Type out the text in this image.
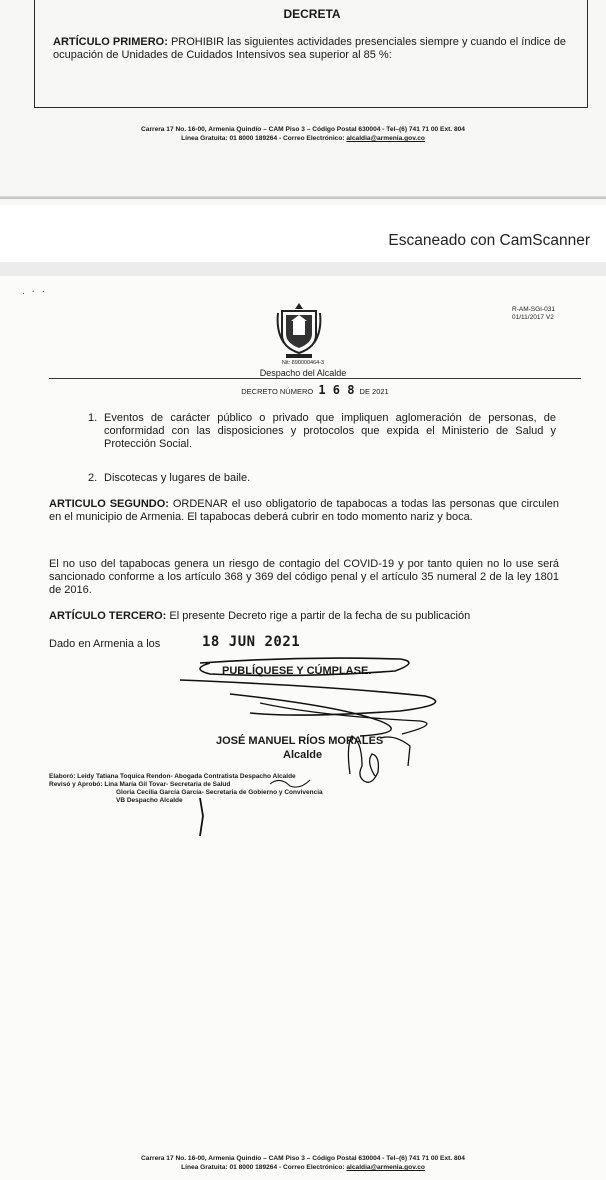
DECRETA
ARTÍCULO PRIMERO: PROHIBIR las siguientes actividades presenciales siempre y cuando el índice de ocupación de Unidades de Cuidados Intensivos sea superior al 85 %:
Carrera 17 No. 16-00, Armenia Quindío – CAM Piso 3 – Código Postal 630004 - Tel–(6) 741 71 00 Ext. 804
Línea Gratuita: 01 8000 189264 - Correo Electrónico: alcaldia@armenia.gov.co
Escaneado con CamScanner
. · ·
R-AM-SGI-031
01/11/2017 V2
Nit: 890000464-3
Despacho del Alcalde
DECRETO NÚMERO 1 6 8 DE 2021
1. Eventos de carácter público o privado que impliquen aglomeración de personas, de conformidad con las disposiciones y protocolos que expida el Ministerio de Salud y Protección Social.
2. Discotecas y lugares de baile.
ARTICULO SEGUNDO: ORDENAR el uso obligatorio de tapabocas a todas las personas que circulen en el municipio de Armenia. El tapabocas deberá cubrir en todo momento nariz y boca.
El no uso del tapabocas genera un riesgo de contagio del COVID-19 y por tanto quien no lo use será sancionado conforme a los artículo 368 y 369 del código penal y el artículo 35 numeral 2 de la ley 1801 de 2016.
ARTÍCULO TERCERO: El presente Decreto rige a partir de la fecha de su publicación
Dado en Armenia a los	18 JUN 2021
PUBLÍQUESE Y CÚMPLASE.
JOSÉ MANUEL RÍOS MORALES
Alcalde
Elaboró: Leidy Tatiana Toquica Rendon- Abogada Contratista Despacho Alcalde
Revisó y Aprobó: Lina María Gil Tovar- Secretaria de Salud
Gloria Cecilia García García- Secretaria de Gobierno y Convivencia
VB Despacho Alcalde
Carrera 17 No. 16-00, Armenia Quindío – CAM Piso 3 – Código Postal 630004 - Tel–(6) 741 71 00 Ext. 804
Línea Gratuita: 01 8000 189264 - Correo Electrónico: alcaldia@armenia.gov.co
